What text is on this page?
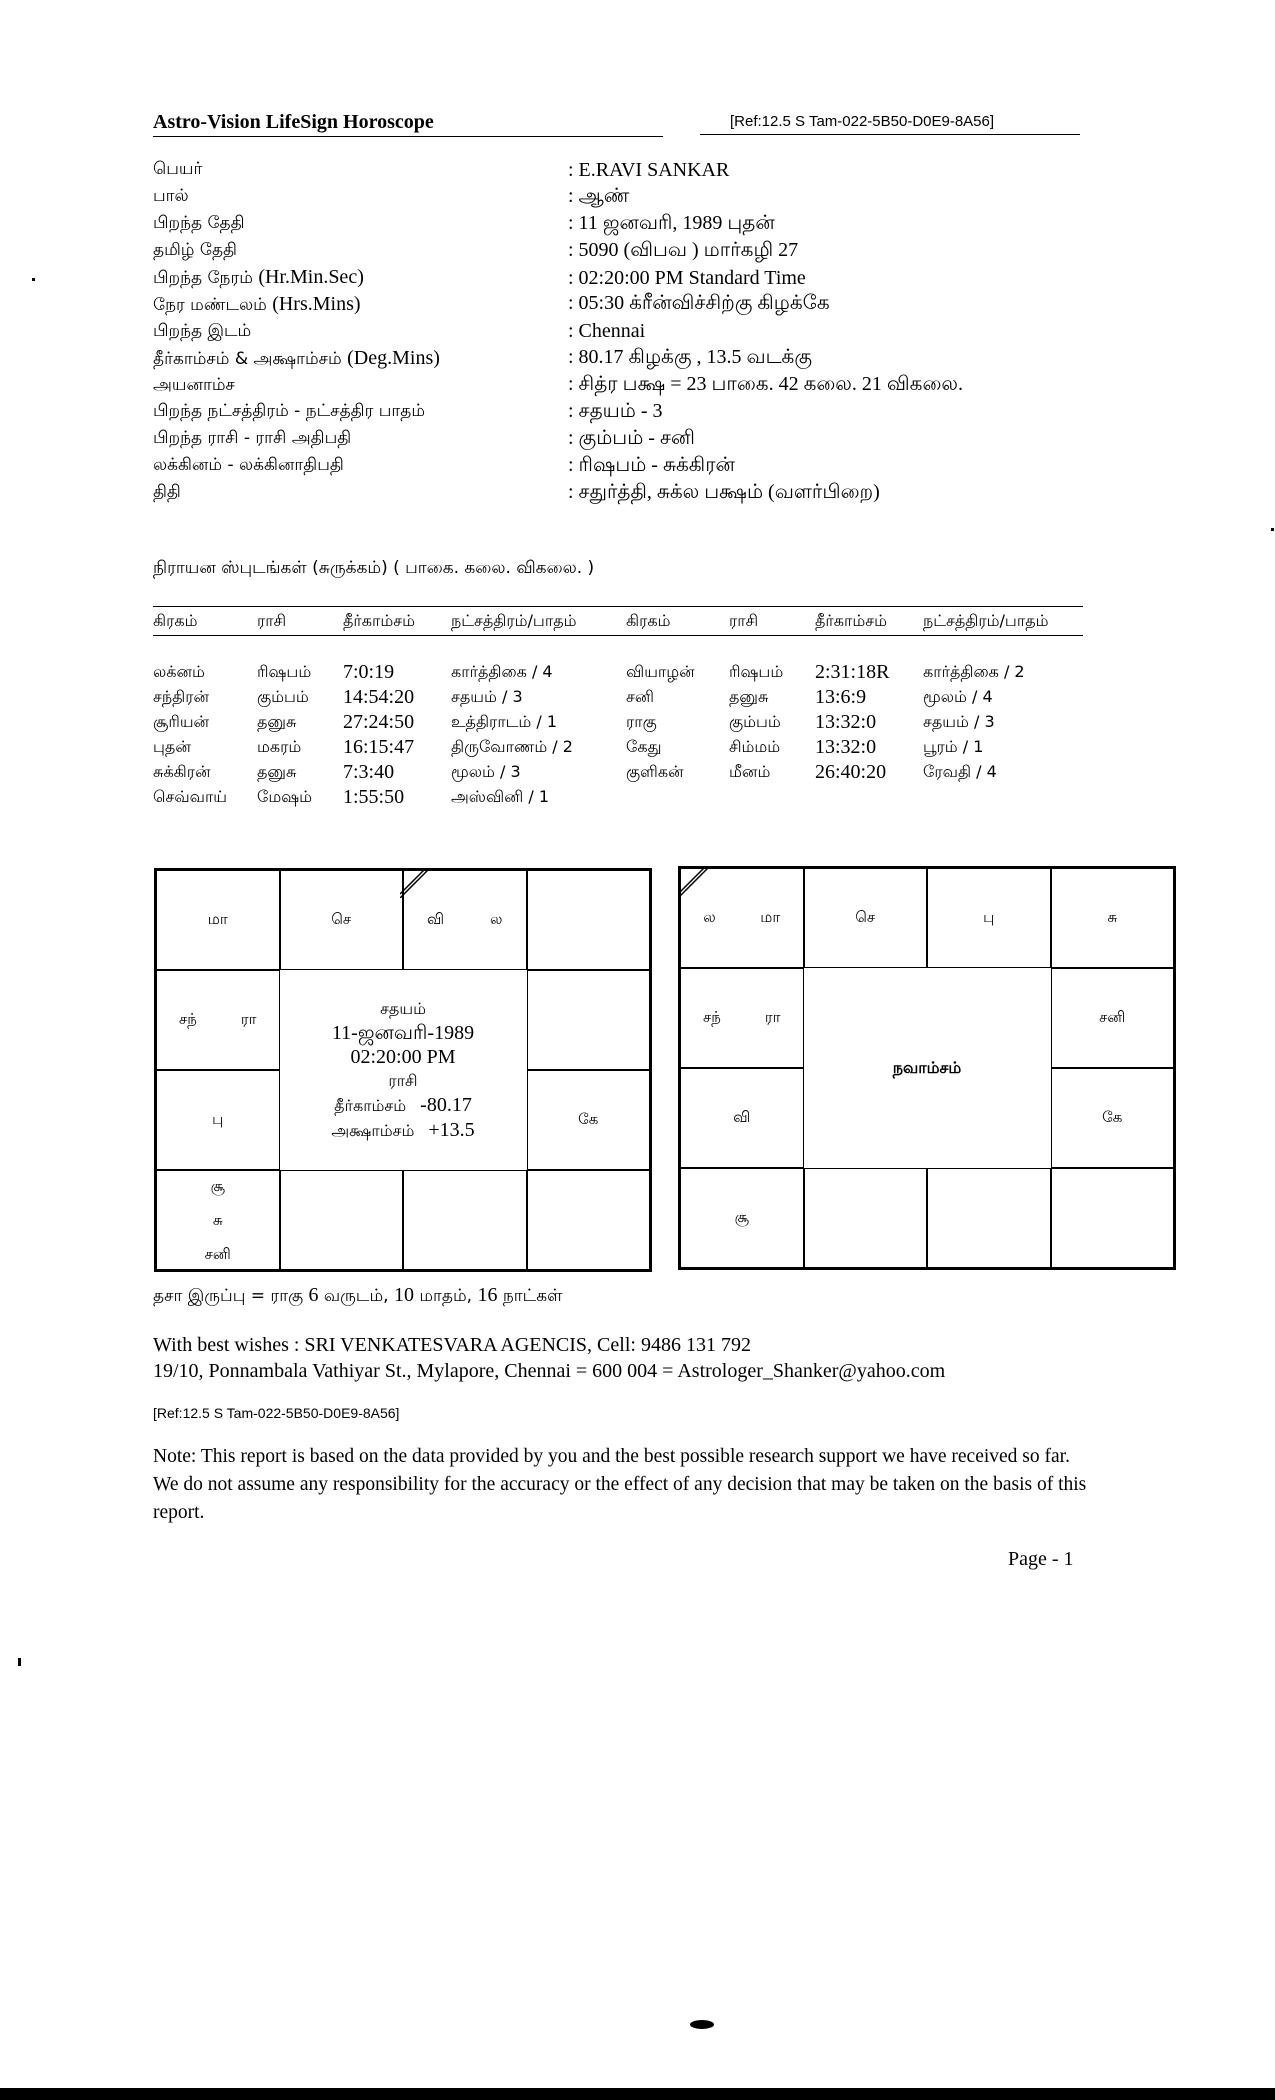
Astro-Vision LifeSign Horoscope	[Ref:12.5 S Tam-022-5B50-D0E9-8A56]
பெயர்	: E.RAVI SANKAR
பால்	: ஆண்
பிறந்த தேதி	: 11 ஜனவரி, 1989 புதன்
தமிழ் தேதி	: 5090 (விபவ ) மார்கழி 27
பிறந்த நேரம் (Hr.Min.Sec)	: 02:20:00 PM Standard Time
நேர மண்டலம் (Hrs.Mins)	: 05:30 க்ரீன்விச்சிற்கு கிழக்கே
பிறந்த இடம்	: Chennai
தீர்காம்சம் & அக்ஷாம்சம் (Deg.Mins)	: 80.17 கிழக்கு , 13.5 வடக்கு
அயனாம்ச	: சித்ர பக்ஷ = 23 பாகை. 42 கலை. 21 விகலை.
பிறந்த நட்சத்திரம் - நட்சத்திர பாதம்	: சதயம் - 3
பிறந்த ராசி - ராசி அதிபதி	: கும்பம் - சனி
லக்கினம் - லக்கினாதிபதி	: ரிஷபம் - சுக்கிரன்
திதி	: சதுர்த்தி, சுக்ல பக்ஷம் (வளர்பிறை)
நிராயன ஸ்புடங்கள் (சுருக்கம்) ( பாகை. கலை. விகலை. )
கிரகம்	ராசி	தீர்காம்சம்	நட்சத்திரம்/பாதம்	கிரகம்	ராசி	தீர்காம்சம்	நட்சத்திரம்/பாதம்
லக்னம்	ரிஷபம்	7:0:19	கார்த்திகை / 4	வியாழன்	ரிஷபம்	2:31:18R	கார்த்திகை / 2
சந்திரன்	கும்பம்	14:54:20	சதயம் / 3	சனி	தனுசு	13:6:9	மூலம் / 4
சூரியன்	தனுசு	27:24:50	உத்திராடம் / 1	ராகு	கும்பம்	13:32:0	சதயம் / 3
புதன்	மகரம்	16:15:47	திருவோணம் / 2	கேது	சிம்மம்	13:32:0	பூரம் / 1
சுக்கிரன்	தனுசு	7:3:40	மூலம் / 3	குளிகன்	மீனம்	26:40:20	ரேவதி / 4
செவ்வாய்	மேஷம்	1:55:50	அஸ்வினி / 1
சூ
சு
சனி
கே
பு
சந்	ரா
வி	ல
செ
மா
சதயம்
11-ஜனவரி-1989
02:20:00 PM
ராசி
தீர்காம்சம் -80.17
அக்ஷாம்சம் +13.5
சூ
கே
வி
சனி
சந்	ரா
சு
பு
செ
ல	மா
நவாம்சம்
தசா இருப்பு = ராகு 6 வருடம், 10 மாதம், 16 நாட்கள்
With best wishes : SRI VENKATESVARA AGENCIS, Cell: 9486 131 792
19/10, Ponnambala Vathiyar St., Mylapore, Chennai = 600 004 = Astrologer_Shanker@yahoo.com
[Ref:12.5 S Tam-022-5B50-D0E9-8A56]
Note: This report is based on the data provided by you and the best possible research support we have received so far. We do not assume any responsibility for the accuracy or the effect of any decision that may be taken on the basis of this report.
Page - 1
